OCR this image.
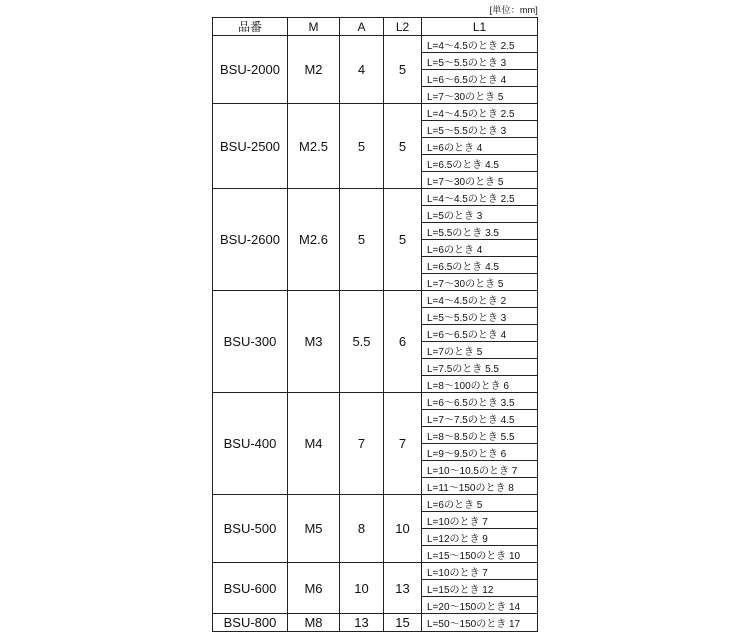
[単位：mm]
品番	M	A	L2	L1
BSU-2000	M2	4	5	L=4～4.5のとき 2.5
				L=5～5.5のとき 3
				L=6～6.5のとき 4
				L=7～30のとき 5
BSU-2500	M2.5	5	5	L=4～4.5のとき 2.5
				L=5～5.5のとき 3
				L=6のとき 4
				L=6.5のとき 4.5
				L=7～30のとき 5
BSU-2600	M2.6	5	5	L=4～4.5のとき 2.5
				L=5のとき 3
				L=5.5のとき 3.5
				L=6のとき 4
				L=6.5のとき 4.5
				L=7～30のとき 5
BSU-300	M3	5.5	6	L=4～4.5のとき 2
				L=5～5.5のとき 3
				L=6～6.5のとき 4
				L=7のとき 5
				L=7.5のとき 5.5
				L=8～100のとき 6
BSU-400	M4	7	7	L=6～6.5のとき 3.5
				L=7～7.5のとき 4.5
				L=8～8.5のとき 5.5
				L=9～9.5のとき 6
				L=10～10.5のとき 7
				L=11～150のとき 8
BSU-500	M5	8	10	L=6のとき 5
				L=10のとき 7
				L=12のとき 9
				L=15～150のとき 10
BSU-600	M6	10	13	L=10のとき 7
				L=15のとき 12
				L=20～150のとき 14
BSU-800	M8	13	15	L=50～150のとき 17
